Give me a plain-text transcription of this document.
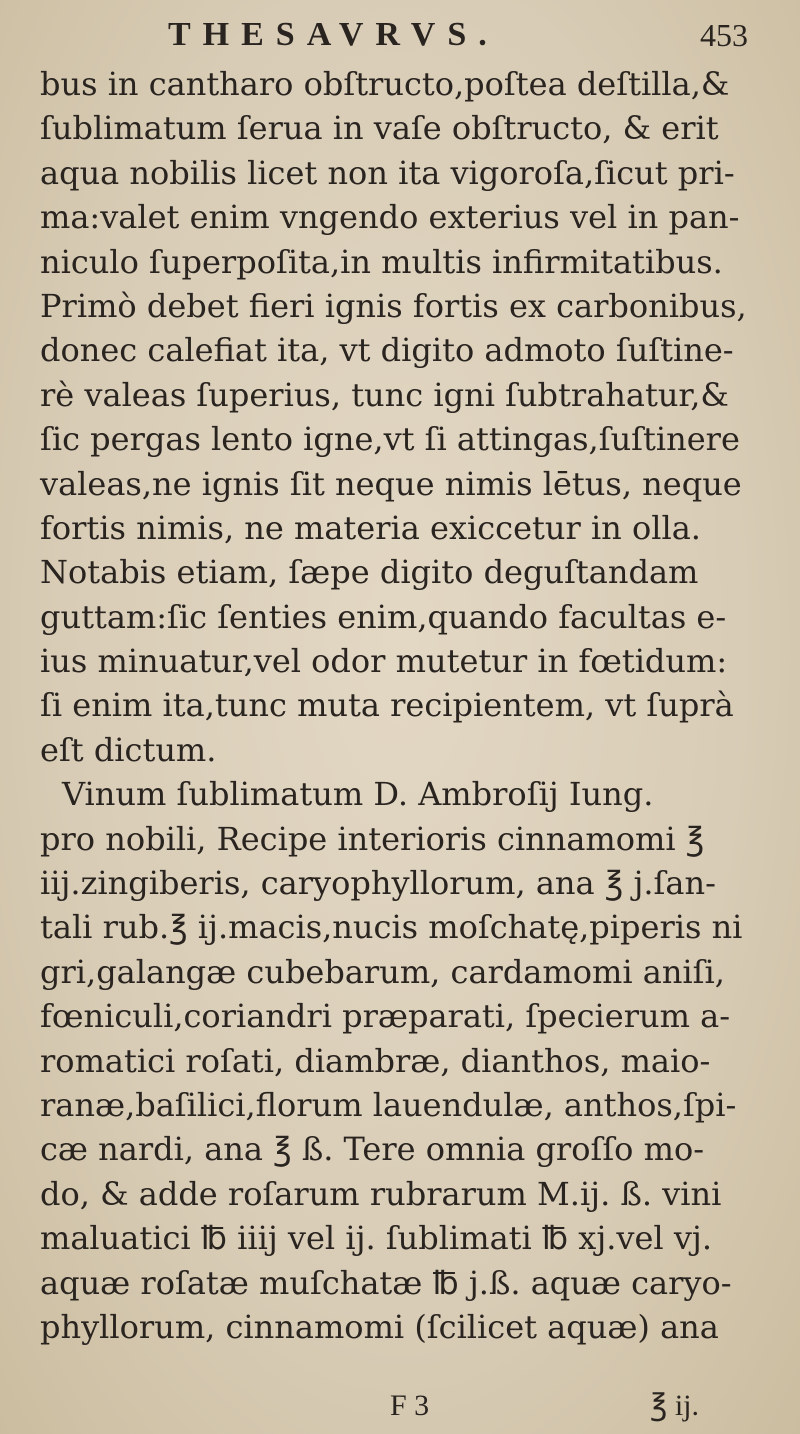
THESAVRVS.	453
bus in cantharo obſtructo,poſtea deſtilla,&
ſublimatum ſerua in vaſe obſtructo, & erit
aqua nobilis licet non ita vigoroſa,ſicut pri-
ma:valet enim vngendo exterius vel in pan-
niculo ſuperpoſita,in multis infirmitatibus.
Primò debet fieri ignis fortis ex carbonibus,
donec calefiat ita, vt digito admoto ſuſtine-
rè valeas ſuperius, tunc igni ſubtrahatur,&
ſic pergas lento igne,vt ſi attingas,ſuſtinere
valeas,ne ignis ſit neque nimis lētus, neque
fortis nimis, ne materia exiccetur in olla.
Notabis etiam, ſæpe digito deguſtandam
guttam:ſic ſenties enim,quando facultas e-
ius minuatur,vel odor mutetur in fœtidum:
ſi enim ita,tunc muta recipientem, vt ſuprà
eſt dictum.
Vinum ſublimatum D. Ambroſij Iung.
pro nobili, Recipe interioris cinnamomi ℥
iij.zingiberis, caryophyllorum, ana ℥ j.ſan-
tali rub.℥ ij.macis,nucis moſchatę,piperis ni
gri,galangæ cubebarum, cardamomi aniſi,
fœniculi,coriandri præparati, ſpecierum a-
romatici roſati, diambræ, dianthos, maio-
ranæ,baſilici,florum lauendulæ, anthos,ſpi-
cæ nardi, ana ℥ ß. Tere omnia groſſo mo-
do, & adde roſarum rubrarum M.ij. ß. vini
maluatici ℔ iiij vel ij. ſublimati ℔ xj.vel vj.
aquæ roſatæ muſchatæ ℔ j.ß. aquæ caryo-
phyllorum, cinnamomi (ſcilicet aquæ) ana
F 3	℥ ij.
